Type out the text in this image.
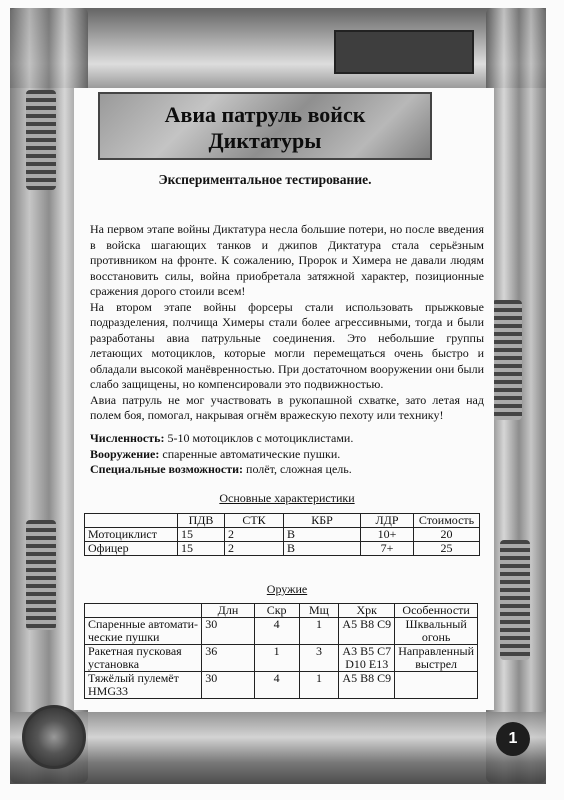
Авиа патруль войск
Диктатуры
Экспериментальное тестирование.

На первом этапе войны Диктатура несла большие потери, но после введения в войска шагающих танков и джипов Диктатура стала серьёзным противником на фронте. К сожалению, Пророк и Химера не давали людям восстановить силы, война приобретала затяжной характер, позиционные сражения дорого стоили всем!

На втором этапе войны форсеры стали использовать прыжковые подразделения, полчища Химеры стали более агрессивными, тогда и были разработаны авиа патрульные соединения. Это небольшие группы летающих мотоциклов, которые могли перемещаться очень быстро и обладали высокой манёвренностью. При достаточном вооружении они были слабо защищены, но компенсировали это подвижностью.

Авиа патруль не мог участвовать в рукопашной схватке, зато летая над полем боя, помогал, накрывая огнём вражескую пехоту или технику!

Численность: 5-10 мотоциклов с мотоциклистами.
Вооружение: спаренные автоматические пушки.
Специальные возможности: полёт, сложная цель.
Основные характеристики
	ПДВ	СТК	КБР	ЛДР	Стоимость
Мотоциклист	15	2	В	10+	20
Офицер	15	2	В	7+	25
Оружие
	Длн	Скр	Мщ	Хрк	Особенности
Спаренные автомати-ческие пушки	30	4	1	А5 В8 С9	Шквальный огонь
Ракетная пусковая установка	36	1	3	А3 В5 С7 D10 Е13	Направленный выстрел
Тяжёлый пулемёт HMG33	30	4	1	А5 В8 С9	
1
